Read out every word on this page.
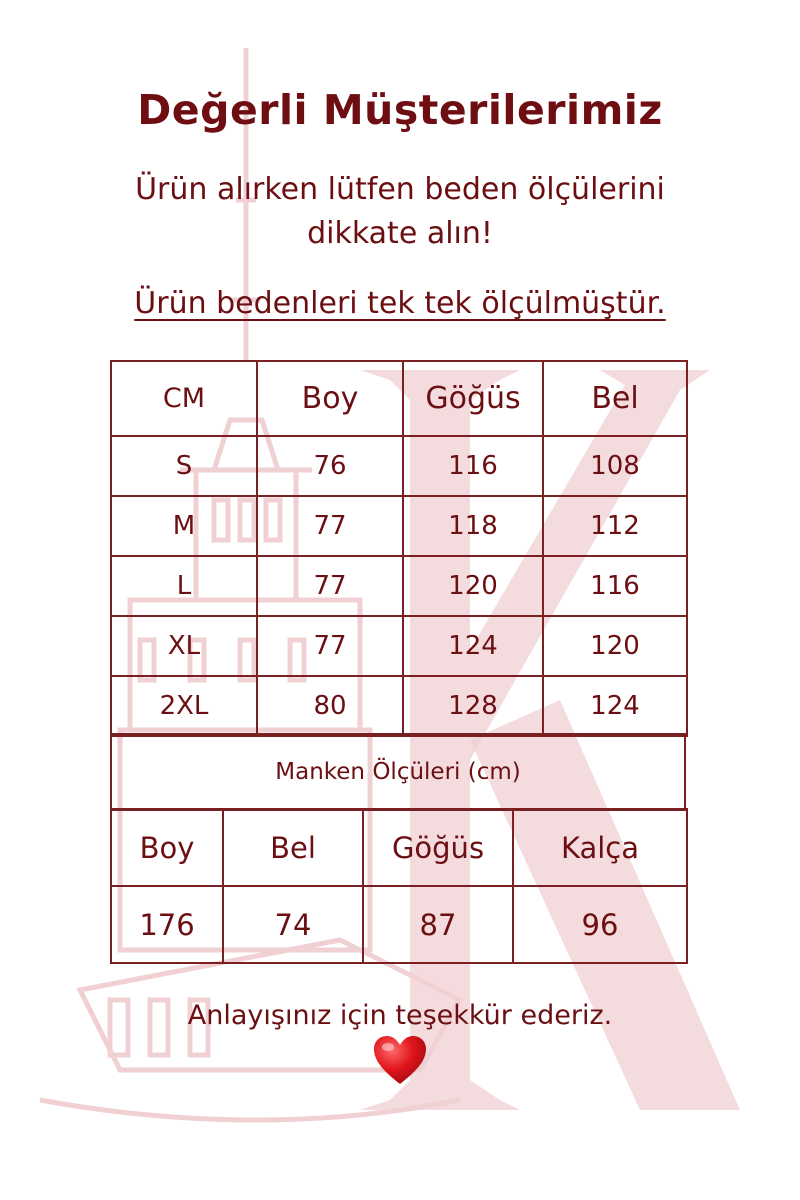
Değerli Müşterilerimiz
Ürün alırken lütfen beden ölçülerini dikkate alın!
Ürün bedenleri tek tek ölçülmüştür.
CM	Boy	Göğüs	Bel
S	76	116	108
M	77	118	112
L	77	120	116
XL	77	124	120
2XL	80	128	124
Manken Ölçüleri (cm)
Boy	Bel	Göğüs	Kalça
176	74	87	96
Anlayışınız için teşekkür ederiz.
